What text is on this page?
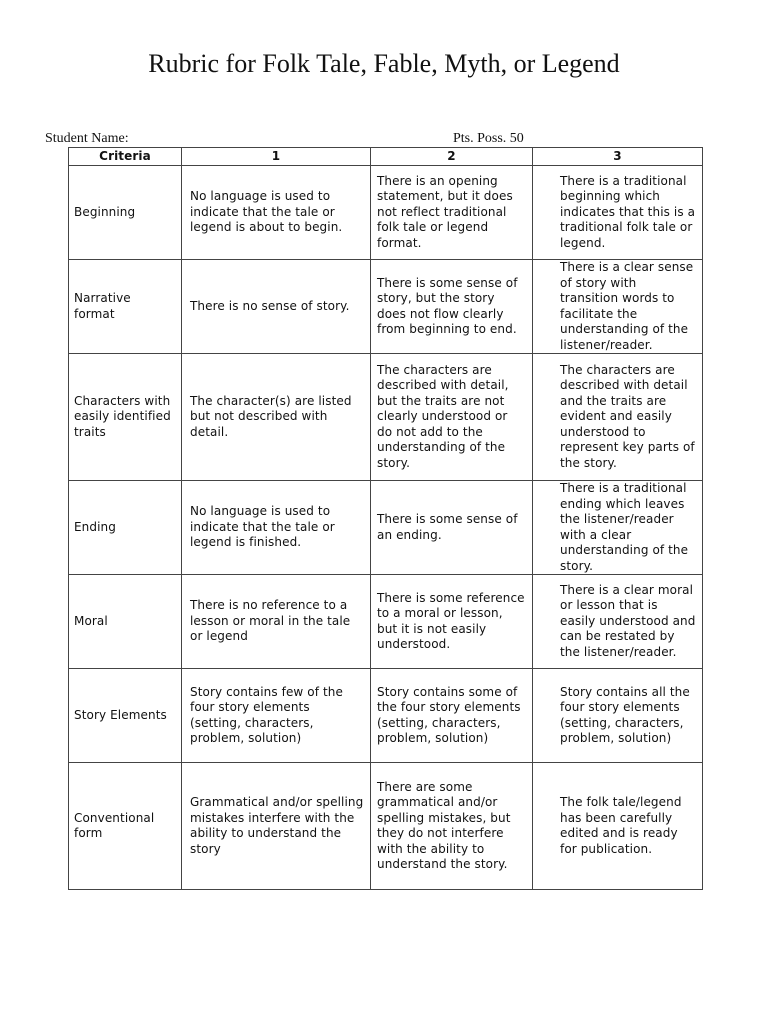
Rubric for Folk Tale, Fable, Myth, or Legend
Student Name:	Pts. Poss. 50
Criteria	1	2	3
Beginning	No language is used to indicate that the tale or legend is about to begin.	There is an opening statement, but it does not reflect traditional folk tale or legend format.	There is a traditional beginning which indicates that this is a traditional folk tale or legend.
Narrative format	There is no sense of story.	There is some sense of story, but the story does not flow clearly from beginning to end.	There is a clear sense of story with transition words to facilitate the understanding of the listener/reader.
Characters with easily identified traits	The character(s) are listed but not described with detail.	The characters are described with detail, but the traits are not clearly understood or do not add to the understanding of the story.	The characters are described with detail and the traits are evident and easily understood to represent key parts of the story.
Ending	No language is used to indicate that the tale or legend is finished.	There is some sense of an ending.	There is a traditional ending which leaves the listener/reader with a clear understanding of the story.
Moral	There is no reference to a lesson or moral in the tale or legend	There is some reference to a moral or lesson, but it is not easily understood.	There is a clear moral or lesson that is easily understood and can be restated by the listener/reader.
Story Elements	Story contains few of the four story elements (setting, characters, problem, solution)	Story contains some of the four story elements (setting, characters, problem, solution)	Story contains all the four story elements (setting, characters, problem, solution)
Conventional form	Grammatical and/or spelling mistakes interfere with the ability to understand the story	There are some grammatical and/or spelling mistakes, but they do not interfere with the ability to understand the story.	The folk tale/legend has been carefully edited and is ready for publication.
